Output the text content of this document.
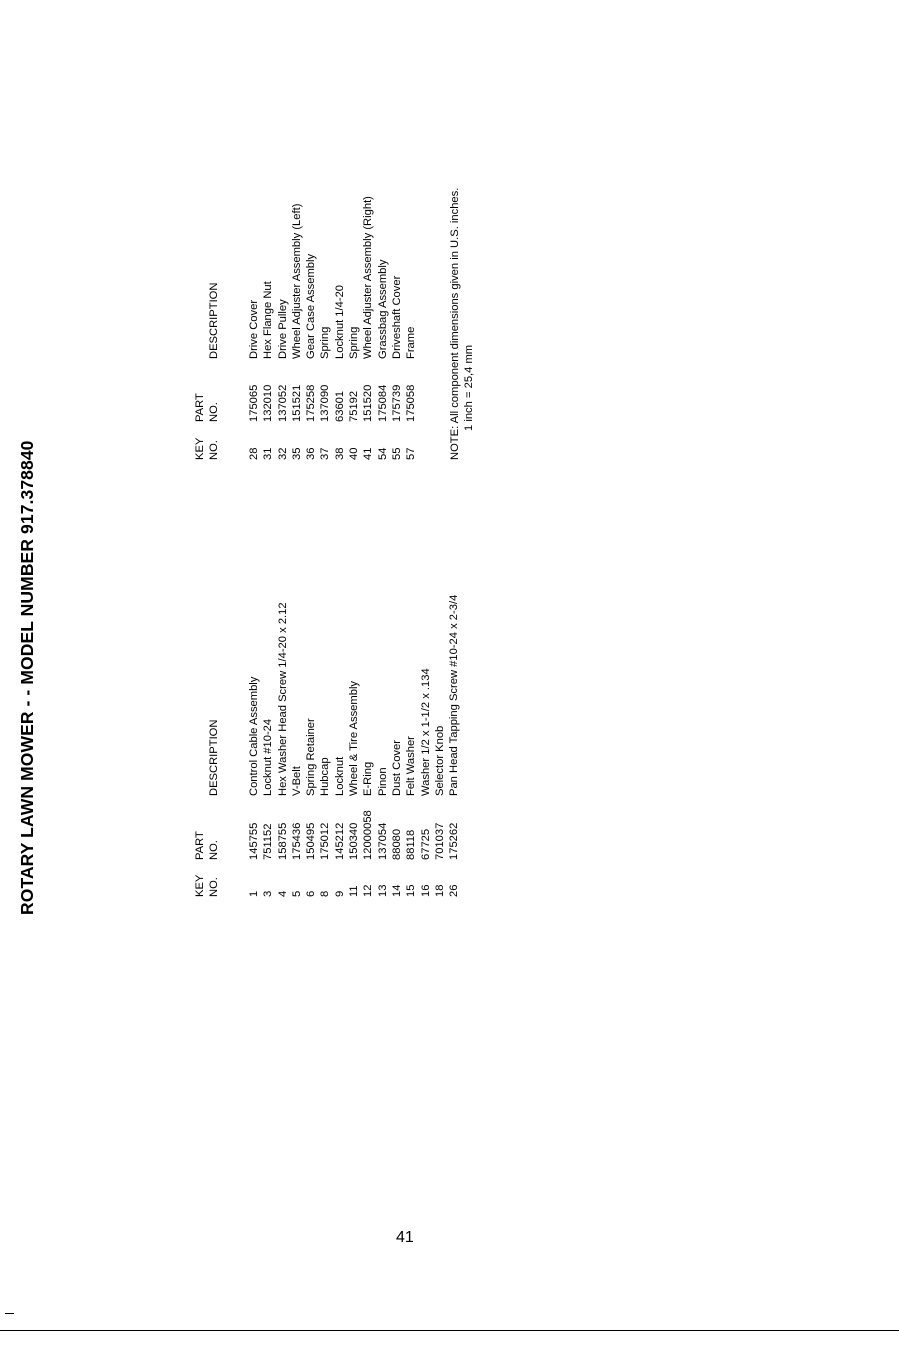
ROTARY LAWN MOWER - - MODEL NUMBER 917.378840	KEY
NO.
PART
NO.
DESCRIPTION
1
145755
Control Cable Assembly
3
751152
Locknut #10-24
4
158755
Hex Washer Head Screw 1/4-20 x 2.12
5
175436
V-Belt
6
150495
Spring Retainer
8
175012
Hubcap
9
145212
Locknut
11
150340
Wheel & Tire Assembly
12
12000058
E-Ring
13
137054
Pinon
14
88080
Dust Cover
15
88118
Felt Washer
16
67725
Washer 1/2 x 1-1/2 x .134
18
701037
Selector Knob
26
175262
Pan Head Tapping Screw #10-24 x 2-3/4
KEY
NO.
PART
NO.
DESCRIPTION
28
175065
Drive Cover
31
132010
Hex Flange Nut
32
137052
Drive Pulley
35
151521
Wheel Adjuster Assembly (Left)
36
175258
Gear Case Assembly
37
137090
Spring
38
63601
Locknut 1/4-20
40
75192
Spring
41
151520
Wheel Adjuster Assembly (Right)
54
175084
Grassbag Assembly
55
175739
Driveshaft Cover
57
175058
Frame	NOTE: All component dimensions given in U.S. inches. 1 inch = 25,4 mm
41
